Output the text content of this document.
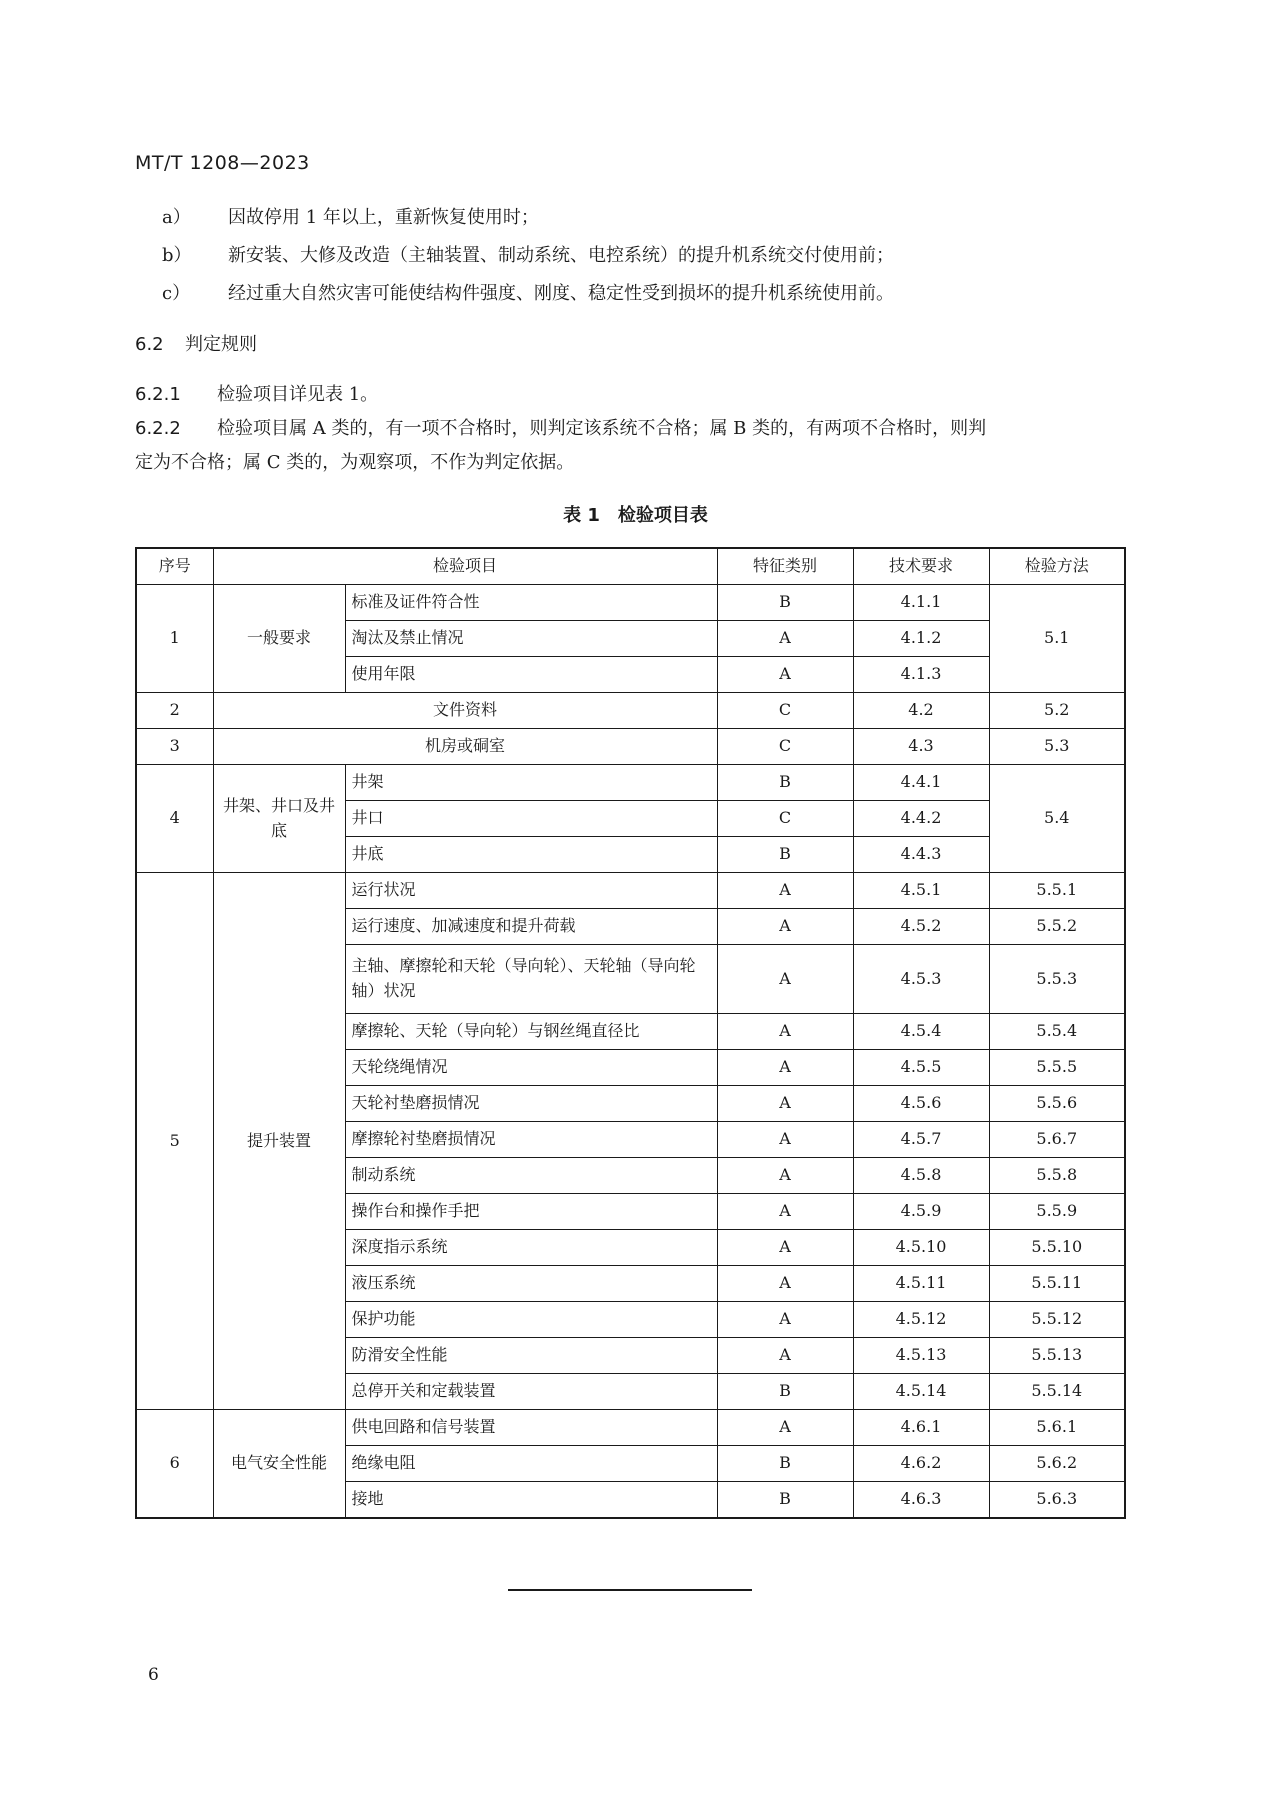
MT/T 1208—2023
a） 因故停用 1 年以上，重新恢复使用时；
b） 新安装、大修及改造（主轴装置、制动系统、电控系统）的提升机系统交付使用前；
c） 经过重大自然灾害可能使结构件强度、刚度、稳定性受到损坏的提升机系统使用前。
6.2 判定规则
6.2.1 检验项目详见表 1。
6.2.2 检验项目属 A 类的，有一项不合格时，则判定该系统不合格；属 B 类的，有两项不合格时，则判
定为不合格；属 C 类的，为观察项，不作为判定依据。
表 1　检验项目表
序号	检验项目		特征类别	技术要求	检验方法
1	一般要求	标准及证件符合性	B	4.1.1	5.1
		淘汰及禁止情况	A	4.1.2	
		使用年限	A	4.1.3	
2	文件资料		C	4.2	5.2
3	机房或硐室		C	4.3	5.3
4	井架、井口及井底	井架	B	4.4.1	5.4
		井口	C	4.4.2	
		井底	B	4.4.3	
5	提升装置	运行状况	A	4.5.1	5.5.1
		运行速度、加减速度和提升荷载	A	4.5.2	5.5.2
		主轴、摩擦轮和天轮（导向轮）、天轮轴（导向轮轴）状况	A	4.5.3	5.5.3
		摩擦轮、天轮（导向轮）与钢丝绳直径比	A	4.5.4	5.5.4
		天轮绕绳情况	A	4.5.5	5.5.5
		天轮衬垫磨损情况	A	4.5.6	5.5.6
		摩擦轮衬垫磨损情况	A	4.5.7	5.6.7
		制动系统	A	4.5.8	5.5.8
		操作台和操作手把	A	4.5.9	5.5.9
		深度指示系统	A	4.5.10	5.5.10
		液压系统	A	4.5.11	5.5.11
		保护功能	A	4.5.12	5.5.12
		防滑安全性能	A	4.5.13	5.5.13
		总停开关和定载装置	B	4.5.14	5.5.14
6	电气安全性能	供电回路和信号装置	A	4.6.1	5.6.1
		绝缘电阻	B	4.6.2	5.6.2
		接地	B	4.6.3	5.6.3
6
